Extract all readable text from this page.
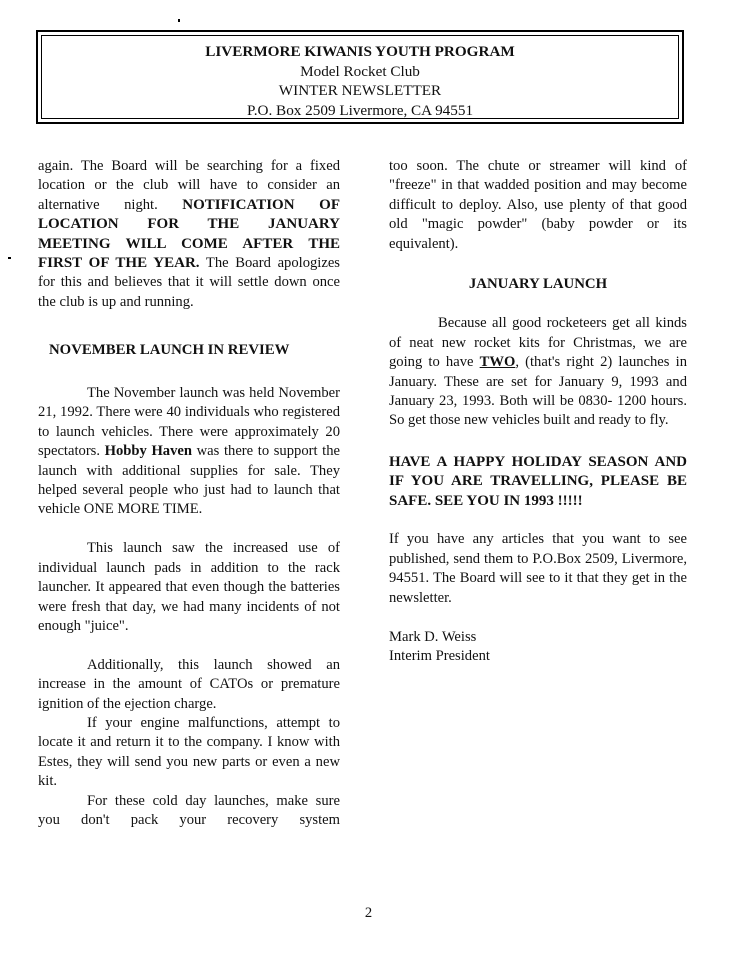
LIVERMORE KIWANIS YOUTH PROGRAM
Model Rocket Club
WINTER NEWSLETTER
P.O. Box 2509 Livermore, CA 94551

again. The Board will be searching for a fixed location or the club will have to consider an alternative night. NOTIFICATION OF LOCATION FOR THE JANUARY MEETING WILL COME AFTER THE FIRST OF THE YEAR. The Board apologizes for this and believes that it will settle down once the club is up and running.

NOVEMBER LAUNCH IN REVIEW

The November launch was held November 21, 1992. There were 40 individuals who registered to launch vehicles. There were approximately 20 spectators. Hobby Haven was there to support the launch with additional supplies for sale. They helped several people who just had to launch that vehicle ONE MORE TIME.

This launch saw the increased use of individual launch pads in addition to the rack launcher. It appeared that even though the batteries were fresh that day, we had many incidents of not enough "juice".

Additionally, this launch showed an increase in the amount of CATOs or premature ignition of the ejection charge.

If your engine malfunctions, attempt to locate it and return it to the company. I know with Estes, they will send you new parts or even a new kit.

For these cold day launches, make sure you don't pack your recovery system

too soon. The chute or streamer will kind of "freeze" in that wadded position and may become difficult to deploy. Also, use plenty of that good old "magic powder" (baby powder or its equivalent).

JANUARY LAUNCH

Because all good rocketeers get all kinds of neat new rocket kits for Christmas, we are going to have TWO, (that's right 2) launches in January. These are set for January 9, 1993 and January 23, 1993. Both will be 0830- 1200 hours. So get those new vehicles built and ready to fly.

HAVE A HAPPY HOLIDAY SEASON AND IF YOU ARE TRAVELLING, PLEASE BE SAFE. SEE YOU IN 1993 !!!!!

If you have any articles that you want to see published, send them to P.O.Box 2509, Livermore, 94551. The Board will see to it that they get in the newsletter.

Mark D. Weiss
Interim President
2
